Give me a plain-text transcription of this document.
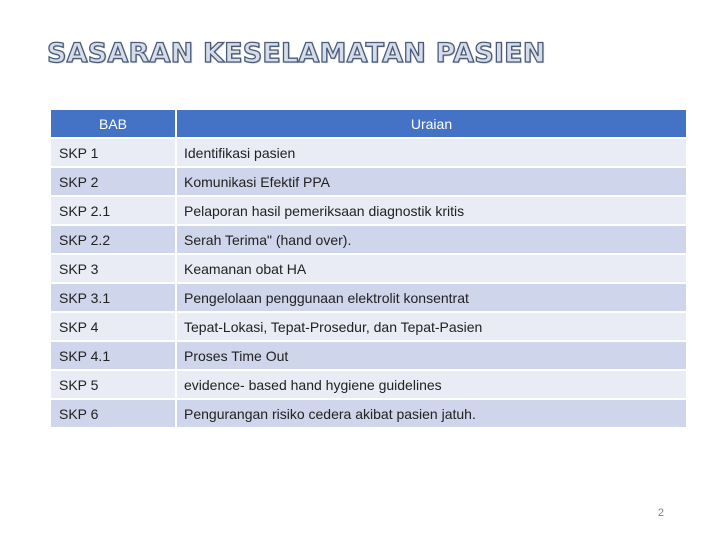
SASARAN KESELAMATAN PASIEN
BAB	Uraian
SKP 1	Identifikasi pasien
SKP 2	Komunikasi Efektif PPA
SKP 2.1	Pelaporan hasil pemeriksaan diagnostik kritis
SKP 2.2	Serah Terima" (hand over).
SKP 3	Keamanan obat HA
SKP 3.1	Pengelolaan penggunaan elektrolit konsentrat
SKP 4	Tepat-Lokasi, Tepat-Prosedur, dan Tepat-Pasien
SKP 4.1	Proses Time Out
SKP 5	evidence- based hand hygiene guidelines
SKP 6	Pengurangan risiko cedera akibat pasien jatuh.
2
